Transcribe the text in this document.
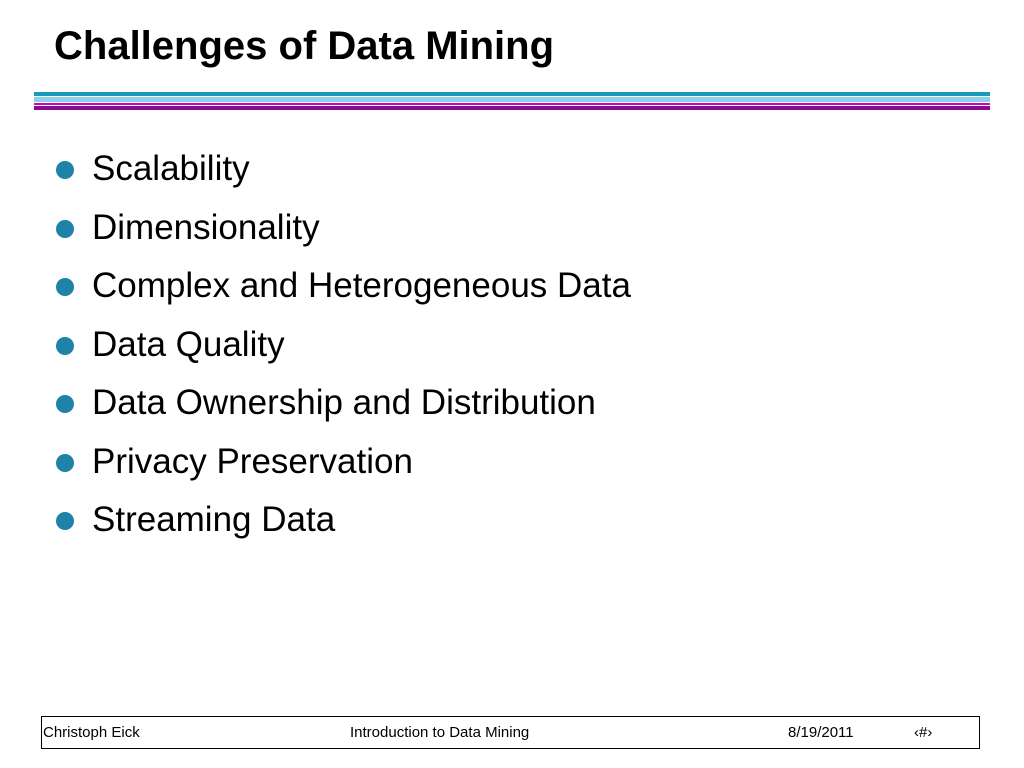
Challenges of Data Mining
Scalability
Dimensionality
Complex and Heterogeneous Data
Data Quality
Data Ownership and Distribution
Privacy Preservation
Streaming Data
Christoph Eick	Introduction to Data Mining	8/19/2011	‹#›
